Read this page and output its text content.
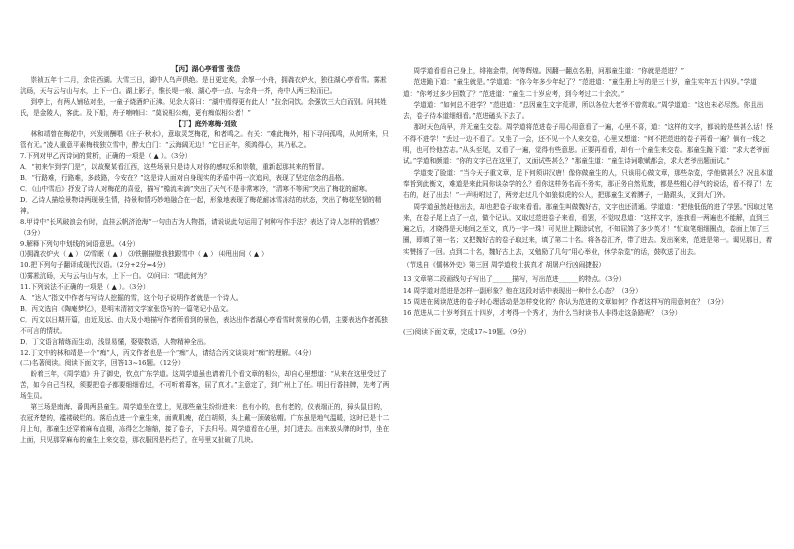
【丙】湖心亭看雪 张岱

崇祯五年十二月，余住西湖。大雪三日，湖中人鸟声俱绝。是日更定矣，余挐一小舟，拥毳衣炉火，独往湖心亭看雪。雾凇沆砀，天与云与山与水，上下一白。湖上影子，惟长堤一痕、湖心亭一点、与余舟一芥，舟中人两三粒而已。

到亭上，有两人铺毡对坐，一童子烧酒炉正沸。见余大喜曰：“湖中焉得更有此人！”拉余同饮。余强饮三大白而别。问其姓氏，是金陵人，客此。及下船，舟子喃喃曰：“莫说相公痴，更有痴似相公者！”

【丁】庭外寒梅·刘致

林和靖曾在梅花中，兴发则酬唱《庄子·秋水》，意取灵芝梅花，和者鸣之。有关：“难此梅外，相下寻问孤鸣，从何所来，只管有无。”凌人重意平素梅枝独立雪中，醉太白门：“云海阔无边！”它日正年，须鸿得心，其乃私之。

7.下列对甲乙丙诗词的赏析，正确的一项是（ ▲ ）。（3分）

A．“初来乍到学门是”，以故聚某看江西，这些场景只是诗人对你的感叹乐和崇敬，重新起那其来的暂冒。

B．“行路难，行路难，多歧路，今安在？”这是诗人面对自身现实的矛盾中再一次追问，表现了坚定信念的品格。

C．《山中雪后》抒发了诗人对梅花的喜爱，描写“檐流未滴”突出了天气不是非常寒冷，“清寒不等闲”突出了梅花的耐寒。

D．乙诗人描绘景物诗两现景生情，持景和情巧妙地融合在一起，形象地表现了梅花耐冰雪冻结的状态，突出了梅花坚韧的精神。

8.甲诗中“长风破浪会有时，直挂云帆济沧海”一句由古为人物指，请说说此句运用了何种写作手法？表达了诗人怎样的情感？（3分）

9.解释下列句中划线的词语意思。（4分）

⑴拥毳衣炉火（ ▲ ） ⑵雪眠（ ▲ ） ⑶铁删描壁我独跟雪中（ ▲ ） ⑷甩出间（ ▲ ）

10.把下列句子翻译成现代汉语。（2分+2分=4分）

⑴雾凇沆砀，天与云与山与水，上下一白。 ⑵问曰：“唱此何为？

11.下列说法不正确的一项是（ ▲ ）。（3分）

A．“达人”指文中作者与写诗人挖掘的雪，这个句子说明作者就是一个诗人。

B．丙文选自《陶庵梦忆》，是明末清初文学家张岱写的一篇笔记小品文。

C．丙文以日期开篇，由近及远、由大及小地描写作者所看到的景色，表达出作者湖心亭看雪时赏景的心情，主要表达作者孤独不可言的情状。

D．丁文语言精练而生动，浅显易懂，娶娶数语，人物精神全出。

12.丁文中的林和靖是一个“痴”人，丙文作者也是一个“痴”人，请结合丙文谈谈对“痴”的理解。（4分）

(二)名著阅读。阅读下面文字，回答13~16题。（12分）

盼着三年，《周学道》升了御史，钦点广东学道。这周学道虽也请着几个看文章的相公，却自心里想道：“从来在这里受过了苦，如今自己当权，须要把卷子都要细细看过，不可听着幕客，屈了真才。”主意定了，到广州上了任。明日行香挂牌，先考了两场生员。

第三场是南海、番禺两县童生。周学道坐在堂上，见那些童生纷纷进来：也有小的，也有老的，仪表端正的，獐头鼠目的，衣冠齐楚的，褴褛破烂的。落后点进一个童生来，面黄肌瘦，花白胡须，头上戴一顶破毡帽。广东虽是地气温暖，这时已是十二月上旬，那童生还穿着麻布直裰，冻得乞乞缩缩，接了卷子，下去归号。周学道看在心里，封门进去。出来放头牌的时节，坐在上面，只见那穿麻布的童生上来交卷，那衣服因是朽烂了，在号里又扯破了几块。

周学道看看自己身上，绯袍金带，何等辉煌。因翻一翻点名册，问那童生道：“你就是范进？”

范进跪下道：“童生就是。”学道道：“你今年多少年纪了？”范进道：“童生册上写的是三十岁，童生实年五十四岁。”学道道：“你考过多少回数了？”范进道：“童生二十岁应考，到今考过二十余次。”

学道道：“如何总不进学？”范进道：“总因童生文字荒谬，所以各位大老爷不曾赏取。”周学道道：“这也未必尽然。你且出去，卷子待本道细细看。”范进磕头下去了。

那时天色尚早，并无童生交卷。周学道将范进卷子用心用意看了一遍，心里不喜，道：“这样的文字，都说的是些甚么话！怪不得不进学！”丢过一边不看了。又坐了一会，还不见一个人来交卷，心里又想道：“何不把范进的卷子再看一遍？倘有一线之明，也可怜他苦志。”从头至尾，又看了一遍，觉得有些意思。正要再看看，却有一个童生来交卷。那童生跪下道：“求大老爷面试。”学道和颜道：“你的文字已在这里了，又面试些甚么？”那童生道：“童生诗词歌赋都会，求大老爷出题面试。”

学道变了脸道：“当今天子重文章，足下何须讲汉唐！像你做童生的人，只该用心做文章，那些杂览，学他做甚么？况且本道奉旨到此衡文，难道是来此同你谈杂学的么？看你这样务名而不务实，那正务自然荒废，都是些粗心浮气的说话，看不得了！左右的，赶了出去！”一声吩咐过了，两旁走过几个如狼似虎的公人，把那童生叉着膊子，一路跟头，叉到大门外。

周学道虽然赶他出去，却也把卷子取来看看。那童生叫做魏好古，文字也还清通。学道道：“把他低低的进了学罢。”因取过笔来，在卷子尾上点了一点，做个记认。又取过范进卷子来看，看罢，不觉叹息道：“这样文字，连我看一两遍也不能解，直到三遍之后，才晓得是天地间之至文，真乃一字一珠！可见世上糊涂试官，不知屈煞了多少英才！”忙取笔细细圈点，卷面上加了三圈，即填了第一名；又把魏好古的卷子取过来，填了第二十名。将各卷汇齐，带了进去。发出案来，范进是第一。谒见那日，着实赞扬了一回。点到二十名，魏好古上去，又勉励了几句“用心举业，休学杂览”的话，鼓吹送了出去。

（节选自《儒林外史》第三回 周学道校士拔真才 胡屠户行凶闹捷报）

13 文章第二段画线句子写出了______描写，写出范进______的特点。（3分）

14 周学道对范进是怎样一副形象？他在这段对话中表现出一种什么心态？（3分）

15 周进在阅读范进的卷子时心理活动是怎样变化的？你认为范进的文章如何？作者这样写的用意何在？（3分）

16 范进从二十岁考到五十四岁，才考得一个秀才，为什么当时读书人非得走这条路呢？（3分）

(三)阅读下面文章，完成17~19题。（9分）
